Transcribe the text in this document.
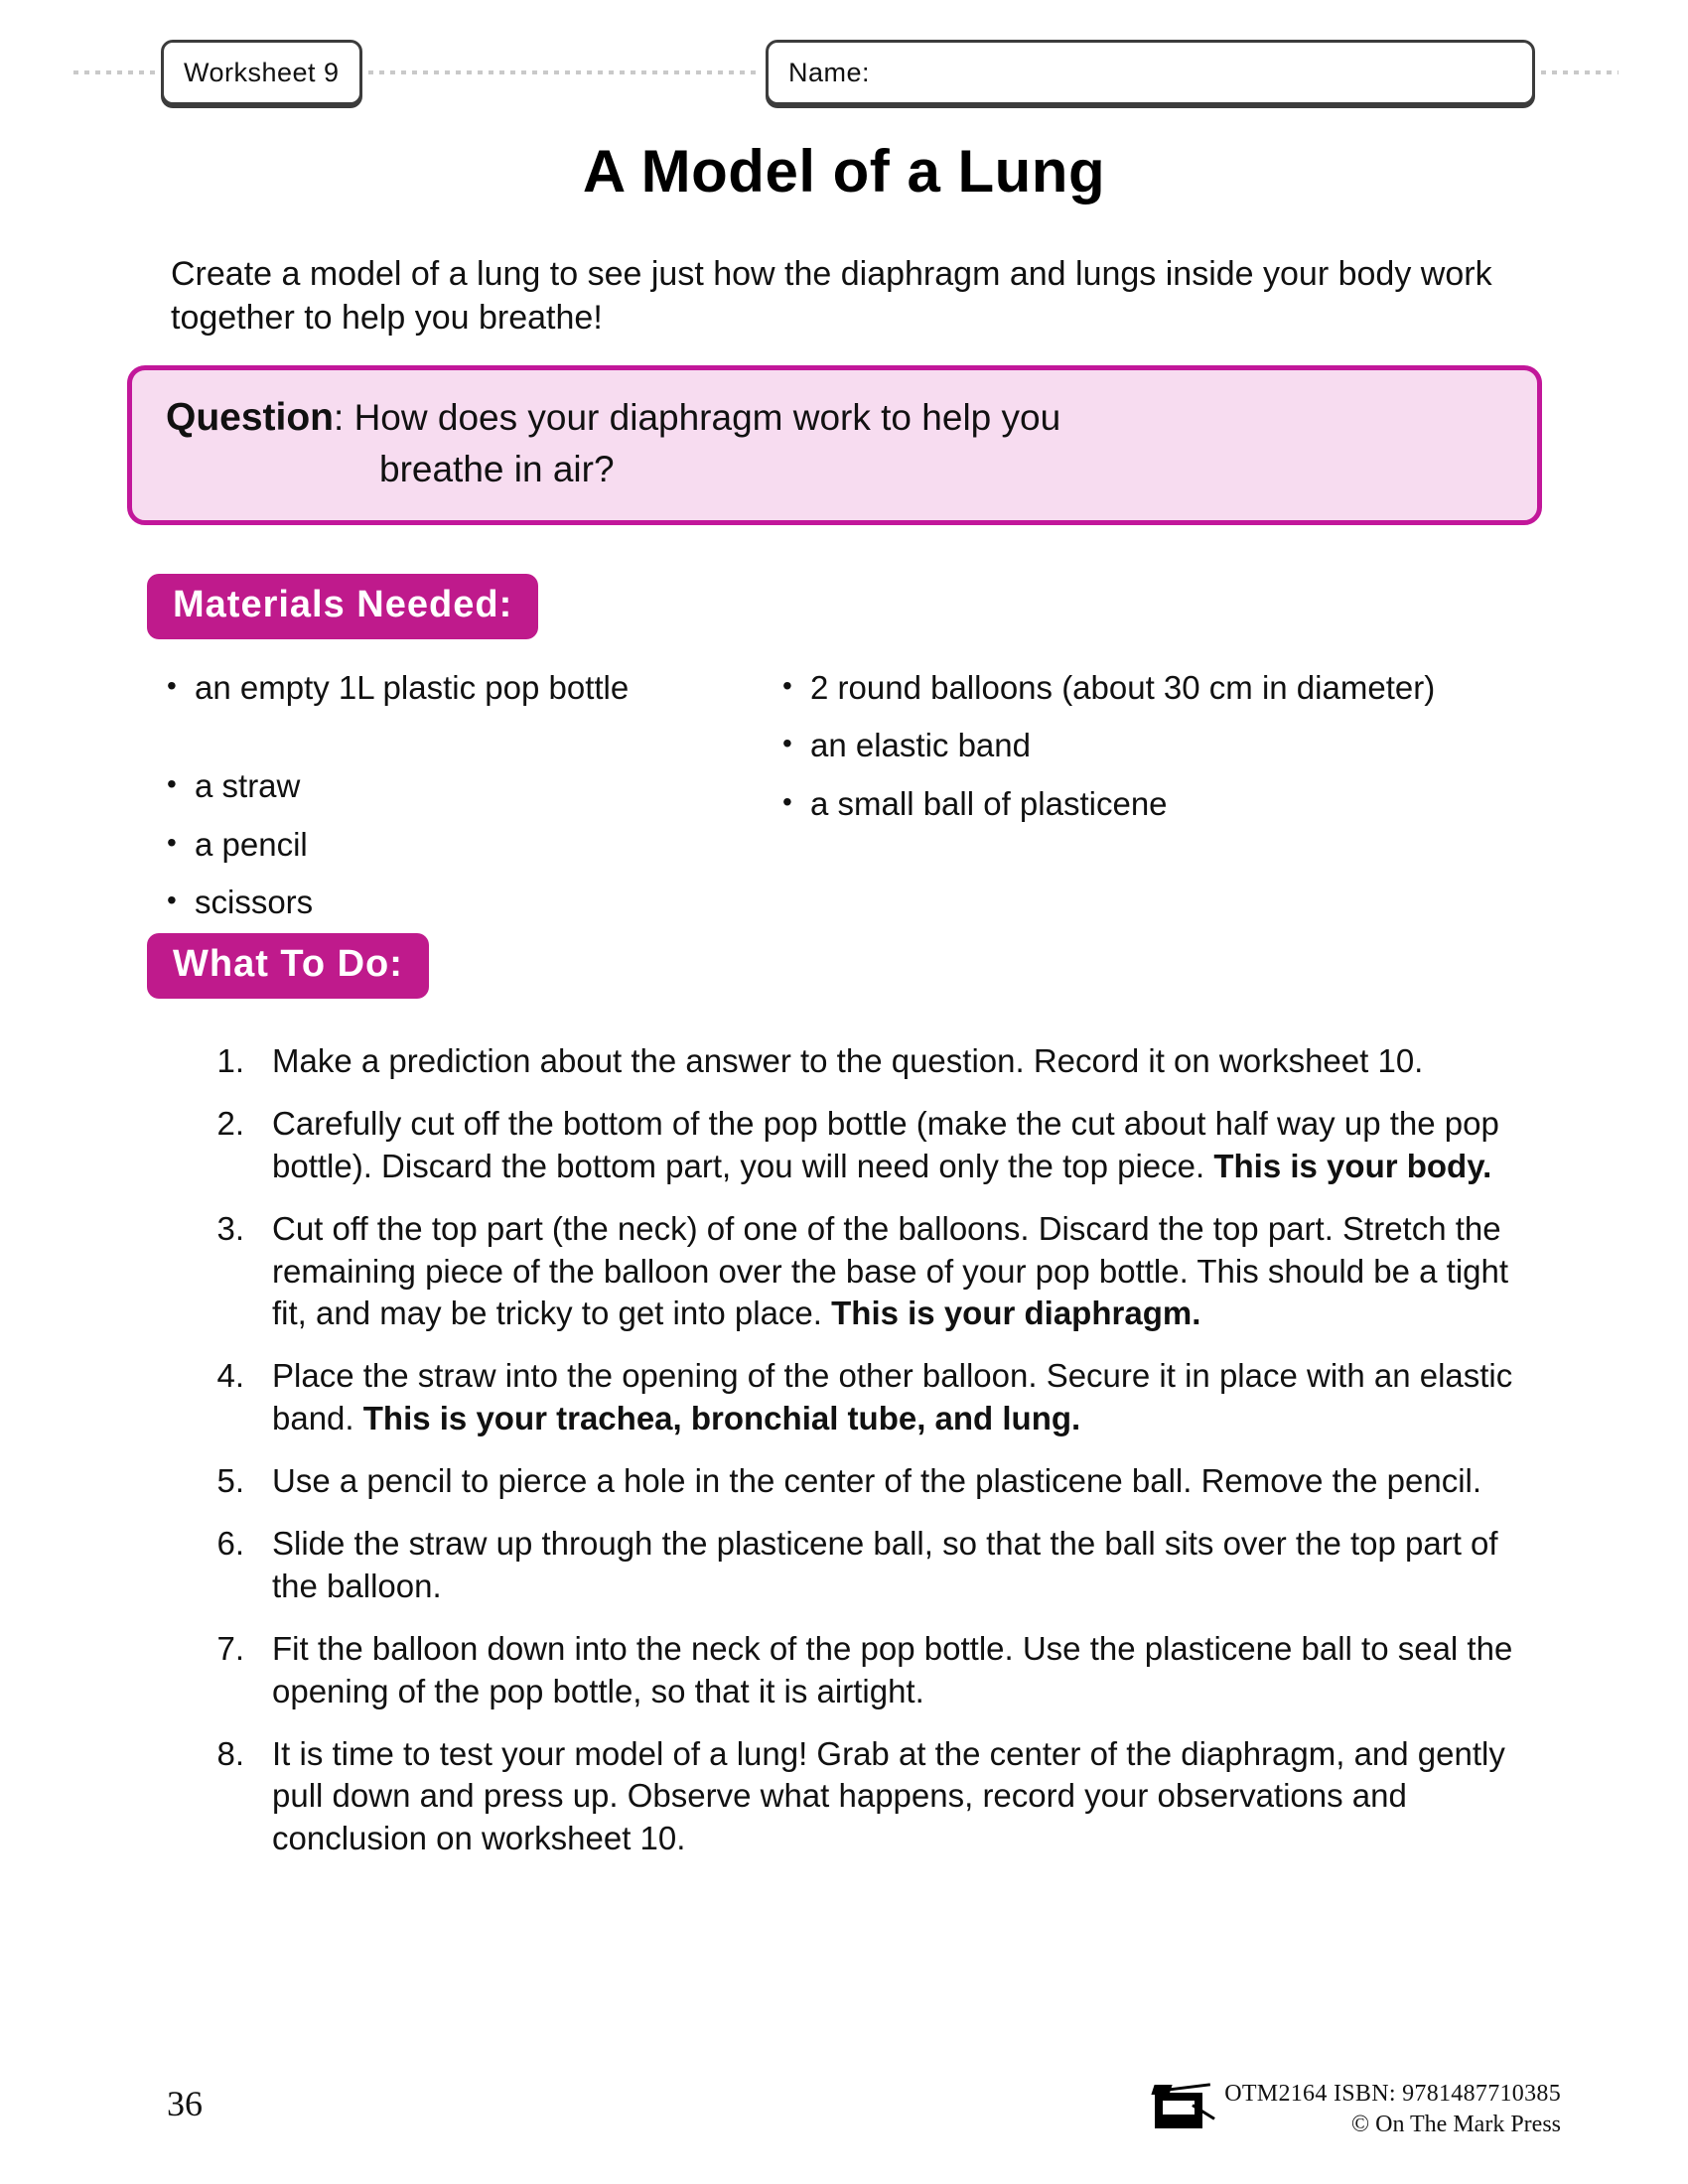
Worksheet 9	Name:
A Model of a Lung
Create a model of a lung to see just how the diaphragm and lungs inside your body work together to help you breathe!
Question: How does your diaphragm work to help you
breathe in air?
Materials Needed:
• an empty 1L plastic pop bottle
• a straw
• a pencil
• scissors
• 2 round balloons (about 30 cm in diameter)
• an elastic band
• a small ball of plasticene
What To Do:
1. Make a prediction about the answer to the question. Record it on worksheet 10.
2. Carefully cut off the bottom of the pop bottle (make the cut about half way up the pop bottle). Discard the bottom part, you will need only the top piece. This is your body.
3. Cut off the top part (the neck) of one of the balloons. Discard the top part. Stretch the remaining piece of the balloon over the base of your pop bottle. This should be a tight fit, and may be tricky to get into place. This is your diaphragm.
4. Place the straw into the opening of the other balloon. Secure it in place with an elastic band. This is your trachea, bronchial tube, and lung.
5. Use a pencil to pierce a hole in the center of the plasticene ball. Remove the pencil.
6. Slide the straw up through the plasticene ball, so that the ball sits over the top part of the balloon.
7. Fit the balloon down into the neck of the pop bottle. Use the plasticene ball to seal the opening of the pop bottle, so that it is airtight.
8. It is time to test your model of a lung! Grab at the center of the diaphragm, and gently pull down and press up. Observe what happens, record your observations and conclusion on worksheet 10.
36	OTM2164 ISBN: 9781487710385
© On The Mark Press
